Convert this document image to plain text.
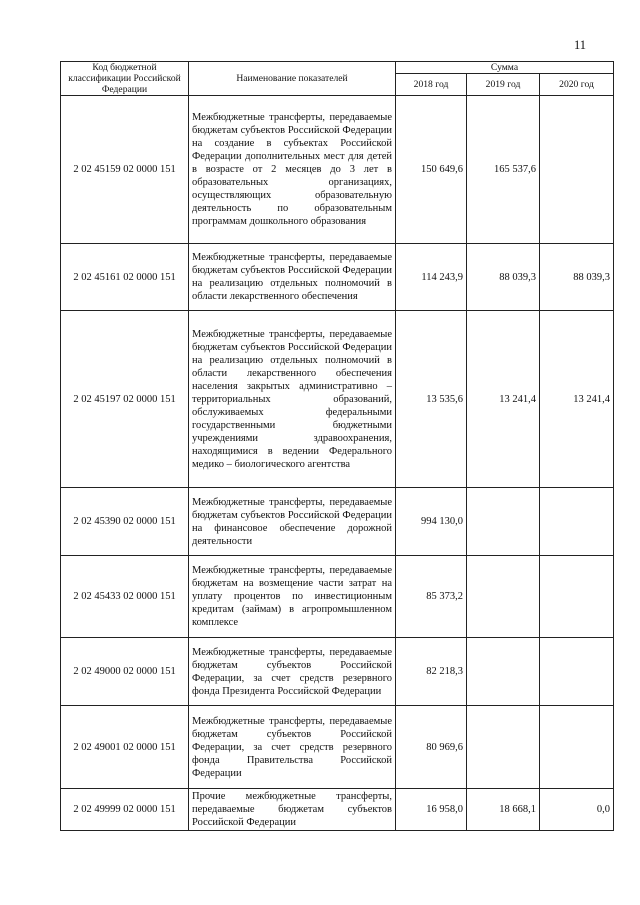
11
Код бюджетной классификации Российской Федерации	Наименование показателей	Сумма		
		2018 год	2019 год	2020 год
2 02 45159 02 0000 151	Межбюджетные трансферты, передаваемые бюджетам субъектов Российской Федерации на создание в субъектах Российской Федерации дополнительных мест для детей в возрасте от 2 месяцев до 3 лет в образовательных организациях, осуществляющих образовательную деятельность по образовательным программам дошкольного образования	150 649,6	165 537,6	
2 02 45161 02 0000 151	Межбюджетные трансферты, передаваемые бюджетам субъектов Российской Федерации на реализацию отдельных полномочий в области лекарственного обеспечения	114 243,9	88 039,3	88 039,3
2 02 45197 02 0000 151	Межбюджетные трансферты, передаваемые бюджетам субъектов Российской Федерации на реализацию отдельных полномочий в области лекарственного обеспечения населения закрытых административно – территориальных образований, обслуживаемых федеральными государственными бюджетными учреждениями здравоохранения, находящимися в ведении Федерального медико – биологического агентства	13 535,6	13 241,4	13 241,4
2 02 45390 02 0000 151	Межбюджетные трансферты, передаваемые бюджетам субъектов Российской Федерации на финансовое обеспечение дорожной деятельности	994 130,0		
2 02 45433 02 0000 151	Межбюджетные трансферты, передаваемые бюджетам на возмещение части затрат на уплату процентов по инвестиционным кредитам (займам) в агропромышленном комплексе	85 373,2		
2 02 49000 02 0000 151	Межбюджетные трансферты, передаваемые бюджетам субъектов Российской Федерации, за счет средств резервного фонда Президента Российской Федерации	82 218,3		
2 02 49001 02 0000 151	Межбюджетные трансферты, передаваемые бюджетам субъектов Российской Федерации, за счет средств резервного фонда Правительства Российской Федерации	80 969,6		
2 02 49999 02 0000 151	Прочие межбюджетные трансферты, передаваемые бюджетам субъектов Российской Федерации	16 958,0	18 668,1	0,0
